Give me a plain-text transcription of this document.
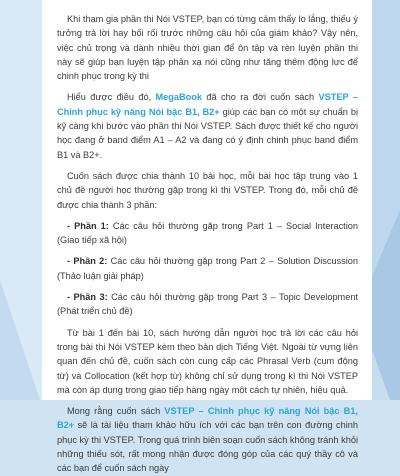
Khi tham gia phần thi Nói VSTEP, bạn có từng cảm thấy lo lắng, thiếu ý tưởng trả lời hay bối rối trước những câu hỏi của giám khảo? Vậy nên, việc chủ trọng và dành nhiều thời gian để ôn tập và rèn luyện phần thi này sẽ giúp bạn luyện tập phản xạ nói cũng như tăng thêm động lực để chinh phục trong kỳ thi

Hiểu được điều đó, MegaBook đã cho ra đời cuốn sách VSTEP – Chinh phục kỹ năng Nói bậc B1, B2+ giúp các bạn có một sự chuẩn bị kỹ càng khi bước vào phần thi Nói VSTEP. Sách được thiết kế cho người học đang ở band điểm A1 – A2 và đang có ý định chinh phục band điểm B1 và B2+.

Cuốn sách được chia thành 10 bài học, mỗi bài học tập trung vào 1 chủ đề người học thường gặp trong kì thi VSTEP. Trong đó, mỗi chủ đề được chia thành 3 phần:

- Phần 1: Các câu hỏi thường gặp trong Part 1 – Social Interaction (Giao tiếp xã hội)

- Phần 2: Các câu hỏi thường gặp trong Part 2 – Solution Discussion (Thảo luận giải pháp)

- Phần 3: Các câu hỏi thường gặp trong Part 3 – Topic Development (Phát triển chủ đề)

Từ bài 1 đến bài 10, sách hướng dẫn người học trả lời các câu hỏi trong bài thi Nói VSTEP kèm theo bản dịch Tiếng Việt. Ngoài từ vựng liên quan đến chủ đề, cuốn sách còn cung cấp các Phrasal Verb (cụm động từ) và Collocation (kết hợp từ) không chỉ sử dụng trong kì thi Nói VSTEP mà còn áp dụng trong giao tiếp hàng ngày một cách tự nhiên, hiệu quả.

Mong rằng cuốn sách VSTEP – Chinh phục kỹ năng Nói bậc B1, B2+ sẽ là tài liệu tham khảo hữu ích với các bạn trên con đường chinh phục kỳ thi VSTEP. Trong quá trình biên soạn cuốn sách không tránh khỏi những thiếu sót, rất mong nhận được đóng góp của các quý thầy cô và các bạn để cuốn sách ngày
